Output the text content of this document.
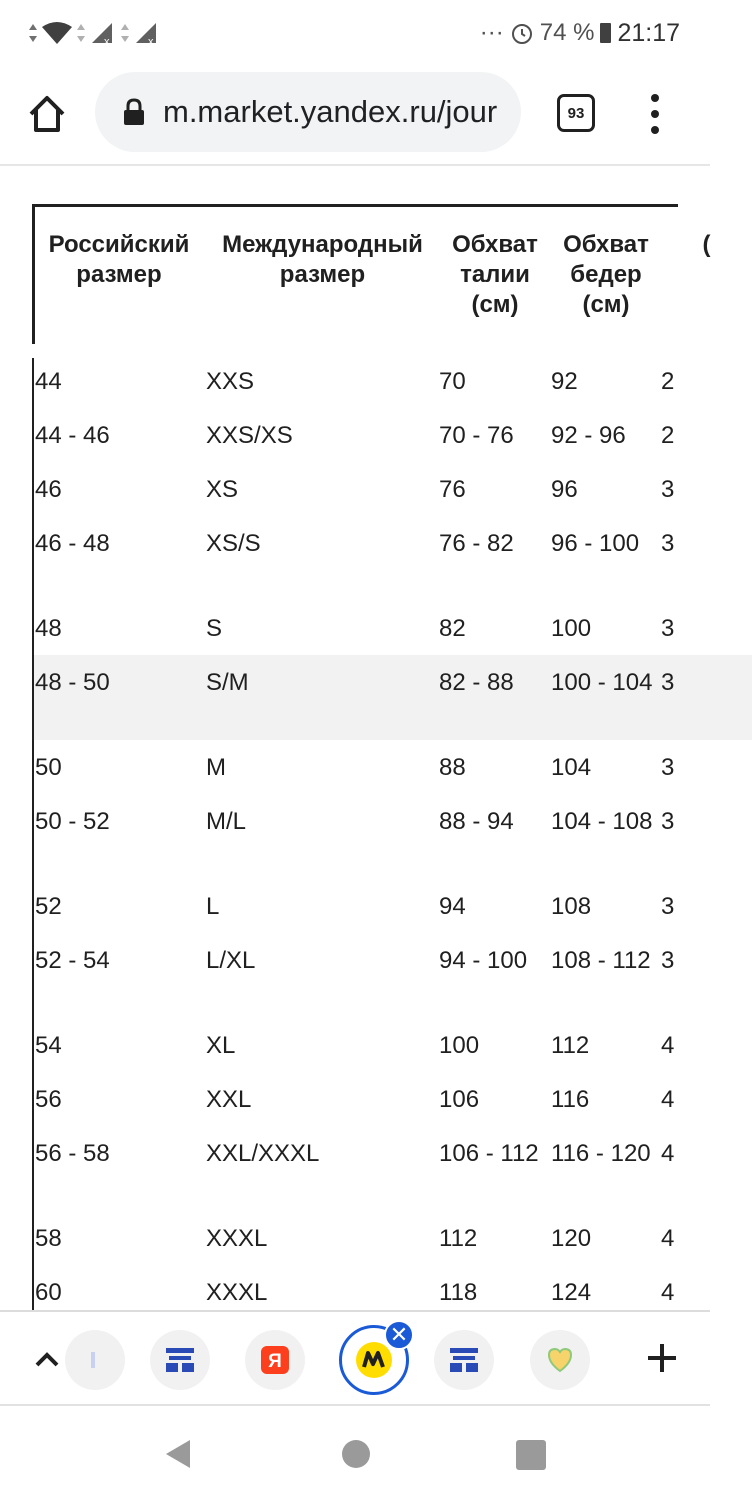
x	x	··· 74 % 21:17
m.market.yandex.ru/jour	93
Российский размер	Международный размер	Обхват талии (см)	Обхват бедер (см)	(
44	XXS	70	92	2
44 - 46	XXS/XS	70 - 76	92 - 96	2
46	XS	76	96	3
46 - 48	XS/S	76 - 82	96 - 100	3
48	S	82	100	3
48 - 50	S/M	82 - 88	100 - 104	3
50	M	88	104	3
50 - 52	M/L	88 - 94	104 - 108	3
52	L	94	108	3
52 - 54	L/XL	94 - 100	108 - 112	3
54	XL	100	112	4
56	XXL	106	116	4
56 - 58	XXL/XXXL	106 - 112	116 - 120	4
58	XXXL	112	120	4
60	XXXL	118	124	4
Я
✕
